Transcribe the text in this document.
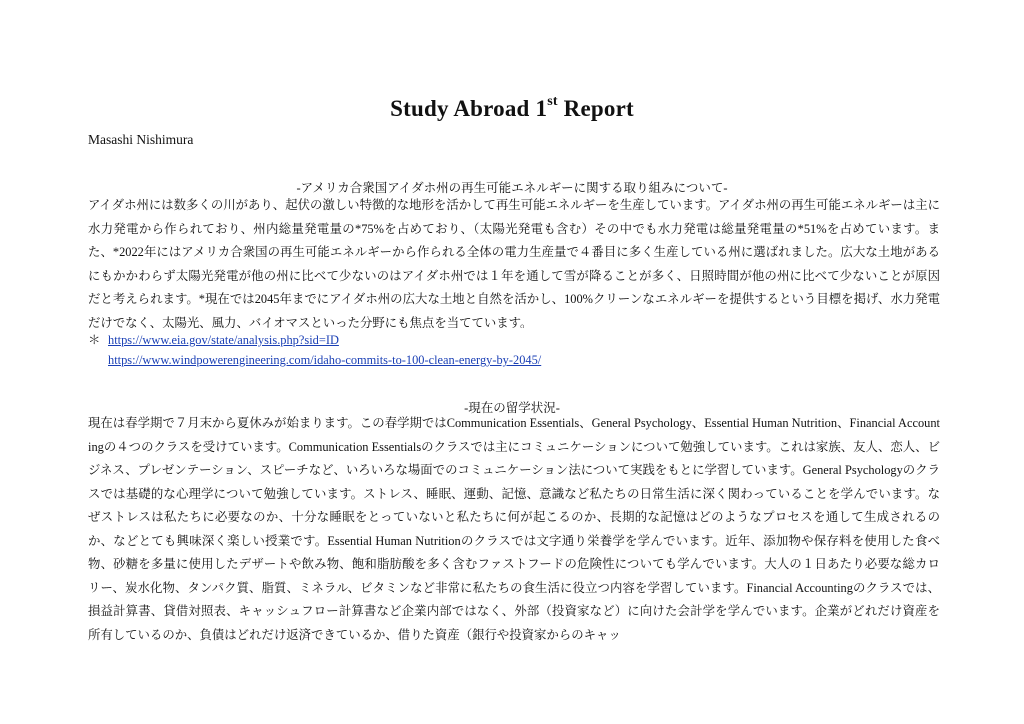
Study Abroad 1st Report
Masashi Nishimura
-アメリカ合衆国アイダホ州の再生可能エネルギーに関する取り組みについて-
アイダホ州には数多くの川があり、起伏の激しい特徴的な地形を活かして再生可能エネルギーを生産しています。アイダホ州の再生可能エネルギーは主に水力発電から作られており、州内総量発電量の*75%を占めており、（太陽光発電も含む）その中でも水力発電は総量発電量の*51%を占めています。また、*2022年にはアメリカ合衆国の再生可能エネルギーから作られる全体の電力生産量で４番目に多く生産している州に選ばれました。広大な土地があるにもかかわらず太陽光発電が他の州に比べて少ないのはアイダホ州では１年を通して雪が降ることが多く、日照時間が他の州に比べて少ないことが原因だと考えられます。*現在では2045年までにアイダホ州の広大な土地と自然を活かし、100%クリーンなエネルギーを提供するという目標を掲げ、水力発電だけでなく、太陽光、風力、バイオマスといった分野にも焦点を当てています。
＊ https://www.eia.gov/state/analysis.php?sid=ID
https://www.windpowerengineering.com/idaho-commits-to-100-clean-energy-by-2045/
-現在の留学状況-
現在は春学期で７月末から夏休みが始まります。この春学期ではCommunication Essentials、General Psychology、Essential Human Nutrition、Financial Accountingの４つのクラスを受けています。Communication Essentialsのクラスでは主にコミュニケーションについて勉強しています。これは家族、友人、恋人、ビジネス、プレゼンテーション、スピーチなど、いろいろな場面でのコミュニケーション法について実践をもとに学習しています。General Psychologyのクラスでは基礎的な心理学について勉強しています。ストレス、睡眠、運動、記憶、意識など私たちの日常生活に深く関わっていることを学んでいます。なぜストレスは私たちに必要なのか、十分な睡眠をとっていないと私たちに何が起こるのか、長期的な記憶はどのようなプロセスを通して生成されるのか、などとても興味深く楽しい授業です。Essential Human Nutritionのクラスでは文字通り栄養学を学んでいます。近年、添加物や保存料を使用した食べ物、砂糖を多量に使用したデザートや飲み物、飽和脂肪酸を多く含むファストフードの危険性についても学んでいます。大人の１日あたり必要な総カロリー、炭水化物、タンパク質、脂質、ミネラル、ビタミンなど非常に私たちの食生活に役立つ内容を学習しています。Financial Accountingのクラスでは、損益計算書、貸借対照表、キャッシュフロー計算書など企業内部ではなく、外部（投資家など）に向けた会計学を学んでいます。企業がどれだけ資産を所有しているのか、負債はどれだけ返済できているか、借りた資産（銀行や投資家からのキャッ
